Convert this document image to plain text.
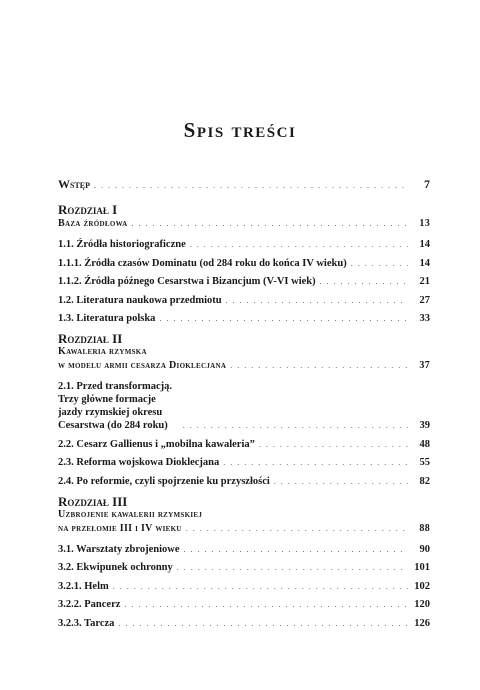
Spis treści
Wstęp . . .	7
Rozdział I
Baza źródłowa . . .	13
1.1. Źródła historiograficzne . . .	14
1.1.1. Źródła czasów Dominatu (od 284 roku do końca IV wieku) . . .	14
1.1.2. Źródła późnego Cesarstwa i Bizancjum (V-VI wiek) . . .	21
1.2. Literatura naukowa przedmiotu . . .	27
1.3. Literatura polska . . .	33
Rozdział II
Kawaleria rzymska
w modelu armii cesarza Dioklecjana . . .	37
2.1. Przed transformacją. Trzy główne formacje jazdy rzymskiej okresu Cesarstwa (do 284 roku) . . .	39
2.2. Cesarz Gallienus i „mobilna kawaleria” . . .	48
2.3. Reforma wojskowa Dioklecjana . . .	55
2.4. Po reformie, czyli spojrzenie ku przyszłości . . .	82
Rozdział III
Uzbrojenie kawalerii rzymskiej
na przełomie III i IV wieku . . .	88
3.1. Warsztaty zbrojeniowe . . .	90
3.2. Ekwipunek ochronny . . .	101
3.2.1. Helm . . .	102
3.2.2. Pancerz . . .	120
3.2.3. Tarcza . . .	126
